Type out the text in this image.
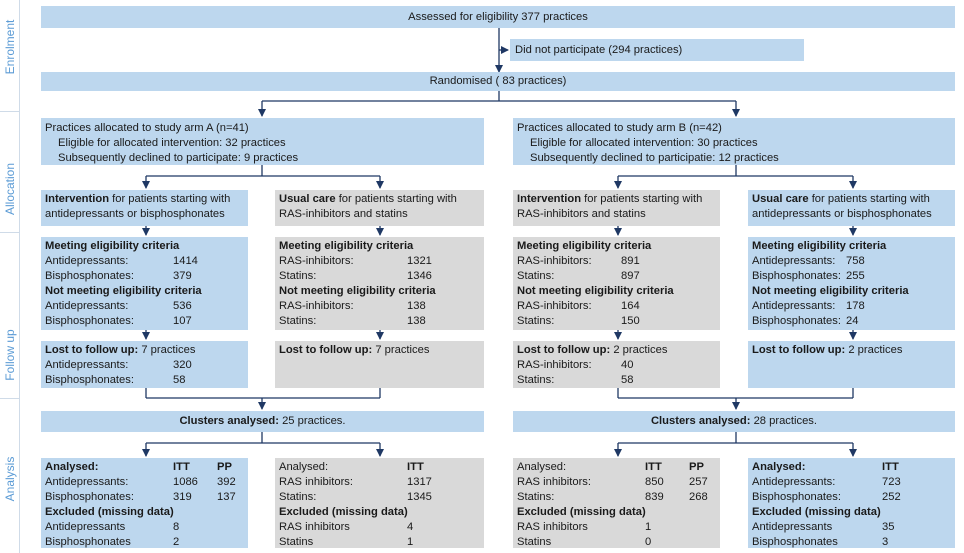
Enrolment
Allocation
Follow up
Analysis
Assessed for eligibility 377 practices
Did not participate (294 practices)
Randomised ( 83 practices)
Practices allocated to study arm A (n=41)
Eligible for allocated intervention: 32 practices
Subsequently declined to participate: 9 practices
Practices allocated to study arm B (n=42)
Eligible for allocated intervention: 30 practices
Subsequently declined to participatie: 12 practices
Intervention for patients starting with
antidepressants or bisphosphonates
Usual care for patients starting with
RAS-inhibitors and statins
Intervention for patients starting with
RAS-inhibitors and statins
Usual care for patients starting with
antidepressants or bisphosphonates
Meeting eligibility criteria
Antidepressants:	1414
Bisphosphonates:	379
Not meeting eligibility criteria
Antidepressants:	536
Bisphosphonates:	107
Meeting eligibility criteria
RAS-inhibitors:	1321
Statins:	1346
Not meeting eligibility criteria
RAS-inhibitors:	138
Statins:	138
Meeting eligibility criteria
RAS-inhibitors:	891
Statins:	897
Not meeting eligibility criteria
RAS-inhibitors:	164
Statins:	150
Meeting eligibility criteria
Antidepressants: 758
Bisphosphonates: 255
Not meeting eligibility criteria
Antidepressants: 178
Bisphosphonates: 24
Lost to follow up: 7 practices
Antidepressants:	320
Bisphosphonates:	58
Lost to follow up: 7 practices	Lost to follow up: 2 practices
RAS-inhibitors:	40
Statins:	58
Lost to follow up: 2 practices
Clusters analysed: 25 practices.	Clusters analysed: 28 practices.
Analysed:	ITT PP
Antidepressants:	1086 392
Bisphosphonates:	319 137
Excluded (missing data)
Antidepressants	8
Bisphosphonates	2
Analysed:	ITT
RAS inhibitors:	1317
Statins:	1345
Excluded (missing data)
RAS inhibitors	4
Statins	1
Analysed:	ITT PP
RAS inhibitors:	850 257
Statins:	839 268
Excluded (missing data)
RAS inhibitors	1
Statins	0
Analysed:	ITT
Antidepressants:	723
Bisphosphonates:	252
Excluded (missing data)
Antidepressants	35
Bisphosphonates	3
